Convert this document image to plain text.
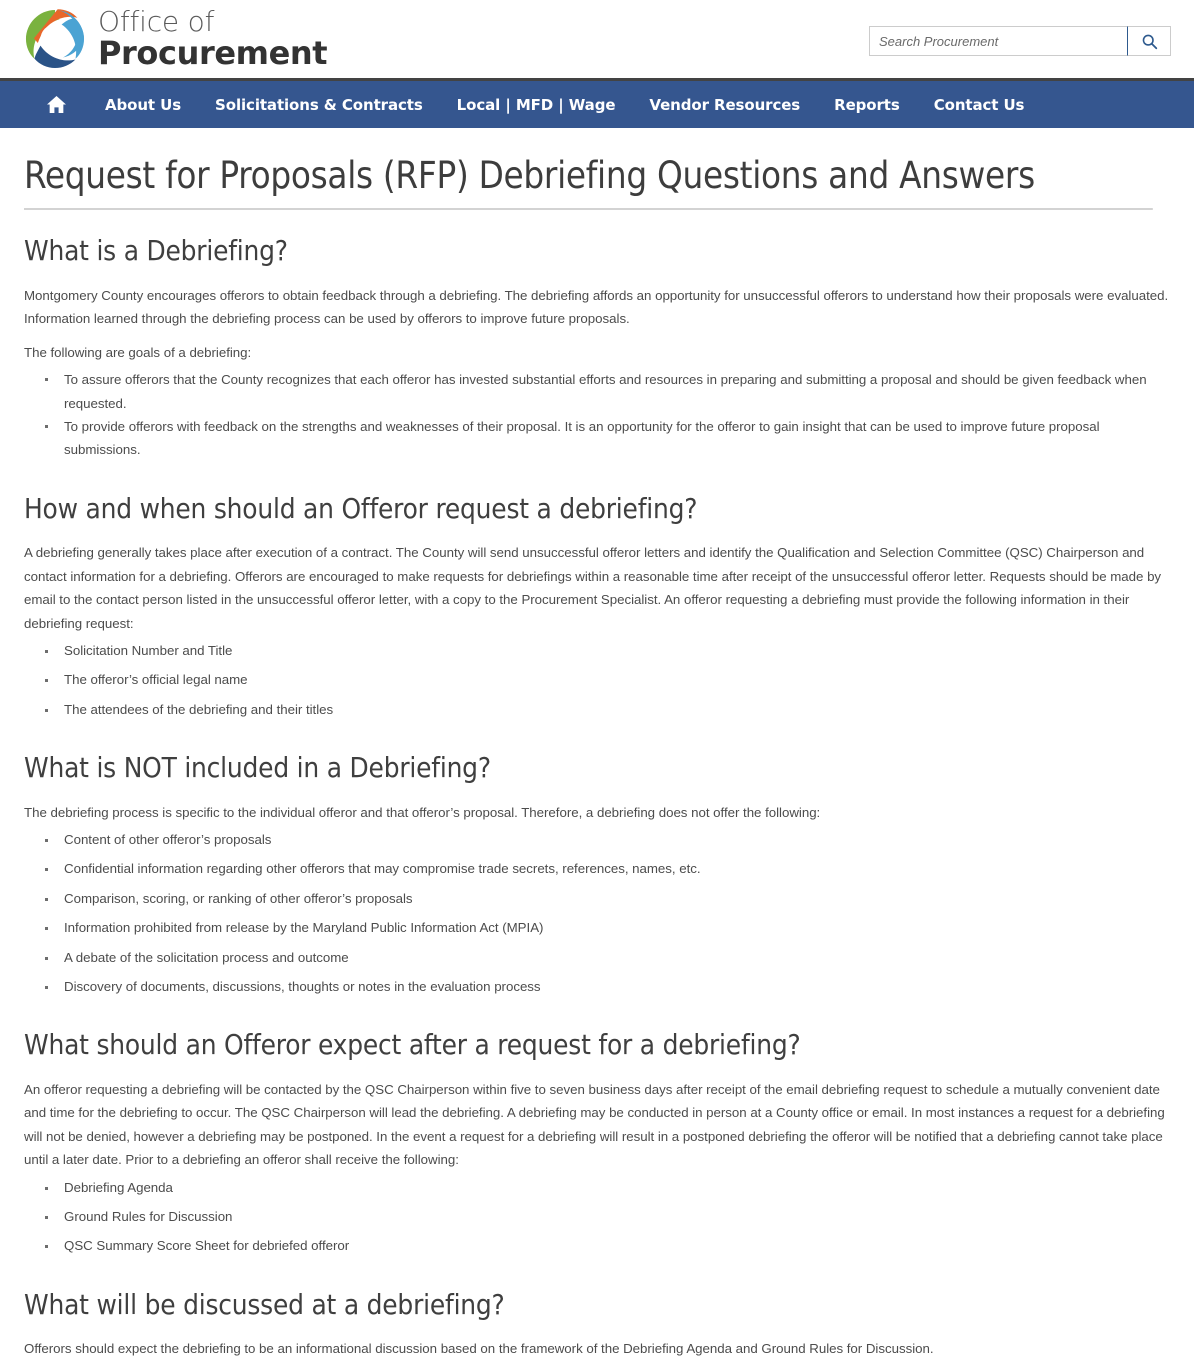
Office of
Procurement
Search Procurement
About Us Solicitations & Contracts Local | MFD | Wage Vendor Resources Reports Contact Us
Request for Proposals (RFP) Debriefing Questions and Answers
What is a Debriefing?

Montgomery County encourages offerors to obtain feedback through a debriefing. The debriefing affords an opportunity for unsuccessful offerors to understand how their proposals were evaluated. Information learned through the debriefing process can be used by offerors to improve future proposals.

The following are goals of a debriefing:

To assure offerors that the County recognizes that each offeror has invested substantial efforts and resources in preparing and submitting a proposal and should be given feedback when requested.
To provide offerors with feedback on the strengths and weaknesses of their proposal. It is an opportunity for the offeror to gain insight that can be used to improve future proposal submissions.
How and when should an Offeror request a debriefing?

A debriefing generally takes place after execution of a contract. The County will send unsuccessful offeror letters and identify the Qualification and Selection Committee (QSC) Chairperson and contact information for a debriefing. Offerors are encouraged to make requests for debriefings within a reasonable time after receipt of the unsuccessful offeror letter. Requests should be made by email to the contact person listed in the unsuccessful offeror letter, with a copy to the Procurement Specialist. An offeror requesting a debriefing must provide the following information in their debriefing request:

Solicitation Number and Title
The offeror’s official legal name
The attendees of the debriefing and their titles
What is NOT included in a Debriefing?

The debriefing process is specific to the individual offeror and that offeror’s proposal. Therefore, a debriefing does not offer the following:

Content of other offeror’s proposals
Confidential information regarding other offerors that may compromise trade secrets, references, names, etc.
Comparison, scoring, or ranking of other offeror’s proposals
Information prohibited from release by the Maryland Public Information Act (MPIA)
A debate of the solicitation process and outcome
Discovery of documents, discussions, thoughts or notes in the evaluation process
What should an Offeror expect after a request for a debriefing?

An offeror requesting a debriefing will be contacted by the QSC Chairperson within five to seven business days after receipt of the email debriefing request to schedule a mutually convenient date and time for the debriefing to occur. The QSC Chairperson will lead the debriefing. A debriefing may be conducted in person at a County office or email. In most instances a request for a debriefing will not be denied, however a debriefing may be postponed. In the event a request for a debriefing will result in a postponed debriefing the offeror will be notified that a debriefing cannot take place until a later date. Prior to a debriefing an offeror shall receive the following:

Debriefing Agenda
Ground Rules for Discussion
QSC Summary Score Sheet for debriefed offeror
What will be discussed at a debriefing?

Offerors should expect the debriefing to be an informational discussion based on the framework of the Debriefing Agenda and Ground Rules for Discussion.
